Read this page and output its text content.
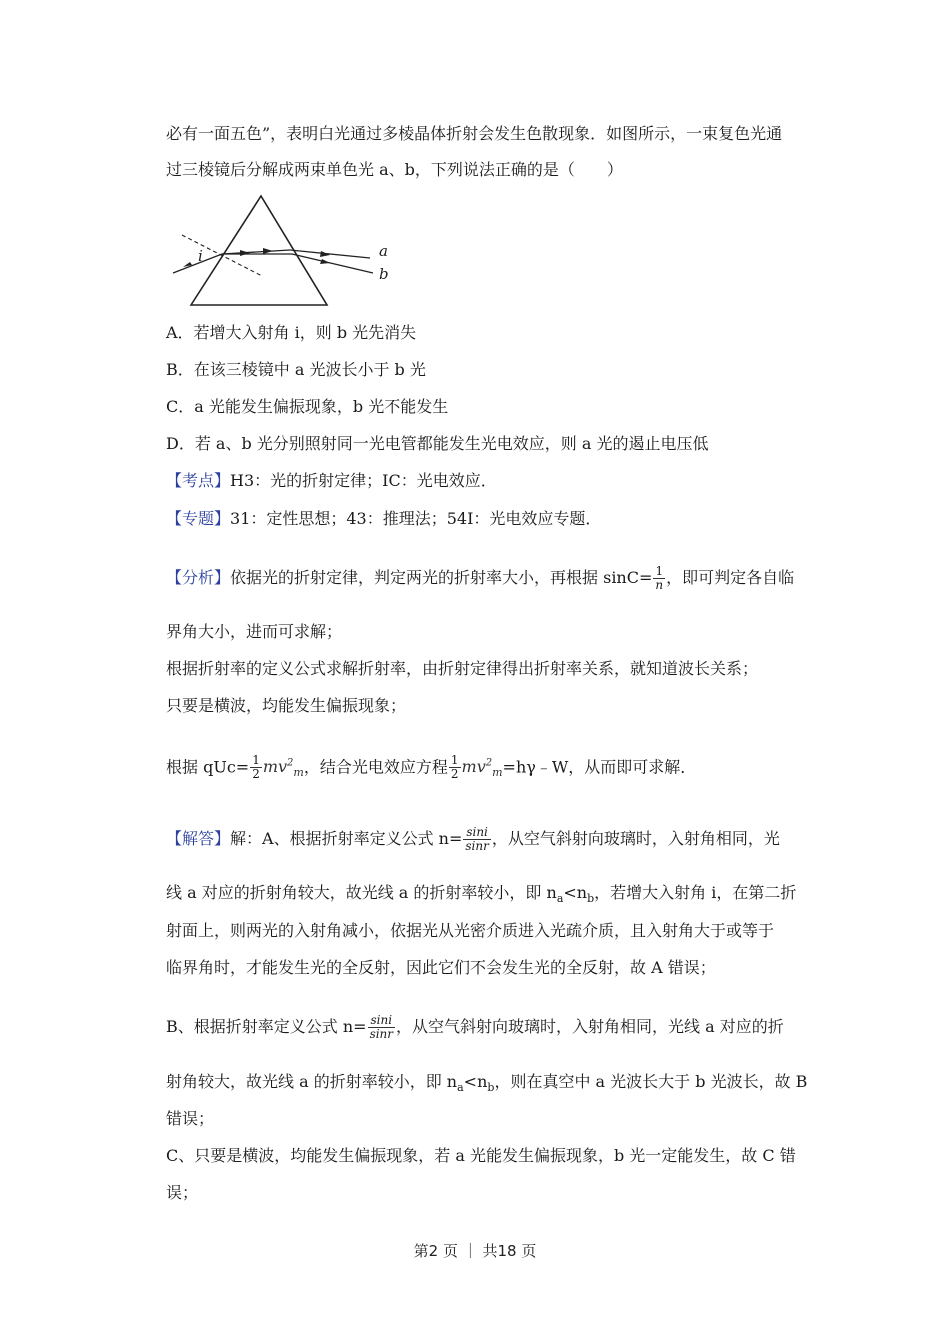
必有一面五色”，表明白光通过多棱晶体折射会发生色散现象．如图所示，一束复色光通
过三棱镜后分解成两束单色光 a、b，下列说法正确的是（　　）
i	a
b
A．若增大入射角 i，则 b 光先消失
B．在该三棱镜中 a 光波长小于 b 光
C．a 光能发生偏振现象，b 光不能发生
D．若 a、b 光分别照射同一光电管都能发生光电效应，则 a 光的遏止电压低
【考点】H3：光的折射定律；IC：光电效应．
【专题】31：定性思想；43：推理法；54I：光电效应专题．
【分析】依据光的折射定律，判定两光的折射率大小，再根据 $\sin C= \frac{1}{n}$ ，即可判定各自临
界角大小，进而可求解；
根据折射率的定义公式求解折射率，由折射定律得出折射率关系，就知道波长关系；
只要是横波，均能发生偏振现象；
根据 $qUc= \frac{1}{2} mv^2_m$，结合光电效应方程 $\frac{1}{2}$ $mv^2_m=h\gamma﹣W$，从而即可求解．
【解答】解：A、根据折射率定义公式 $n= \frac{\sin i}{\sin r}$ ，从空气斜射向玻璃时，入射角相同，光
线 a 对应的折射角较大，故光线 a 的折射率较小，即 $n_a<n_b$，若增大入射角 i，在第二折
射面上，则两光的入射角减小，依据光从光密介质进入光疏介质，且入射角大于或等于
临界角时，才能发生光的全反射，因此它们不会发生光的全反射，故 A 错误；
B、根据折射率定义公式 $n= \frac{\sin i}{\sin r}$ ，从空气斜射向玻璃时，入射角相同，光线 a 对应的折
射角较大，故光线 a 的折射率较小，即 $n_a<n_b$，则在真空中 a 光波长大于 b 光波长，故 B
错误；
C、只要是横波，均能发生偏振现象，若 a 光能发生偏振现象，b 光一定能发生，故 C 错
误；
第2 页 ｜ 共18 页
